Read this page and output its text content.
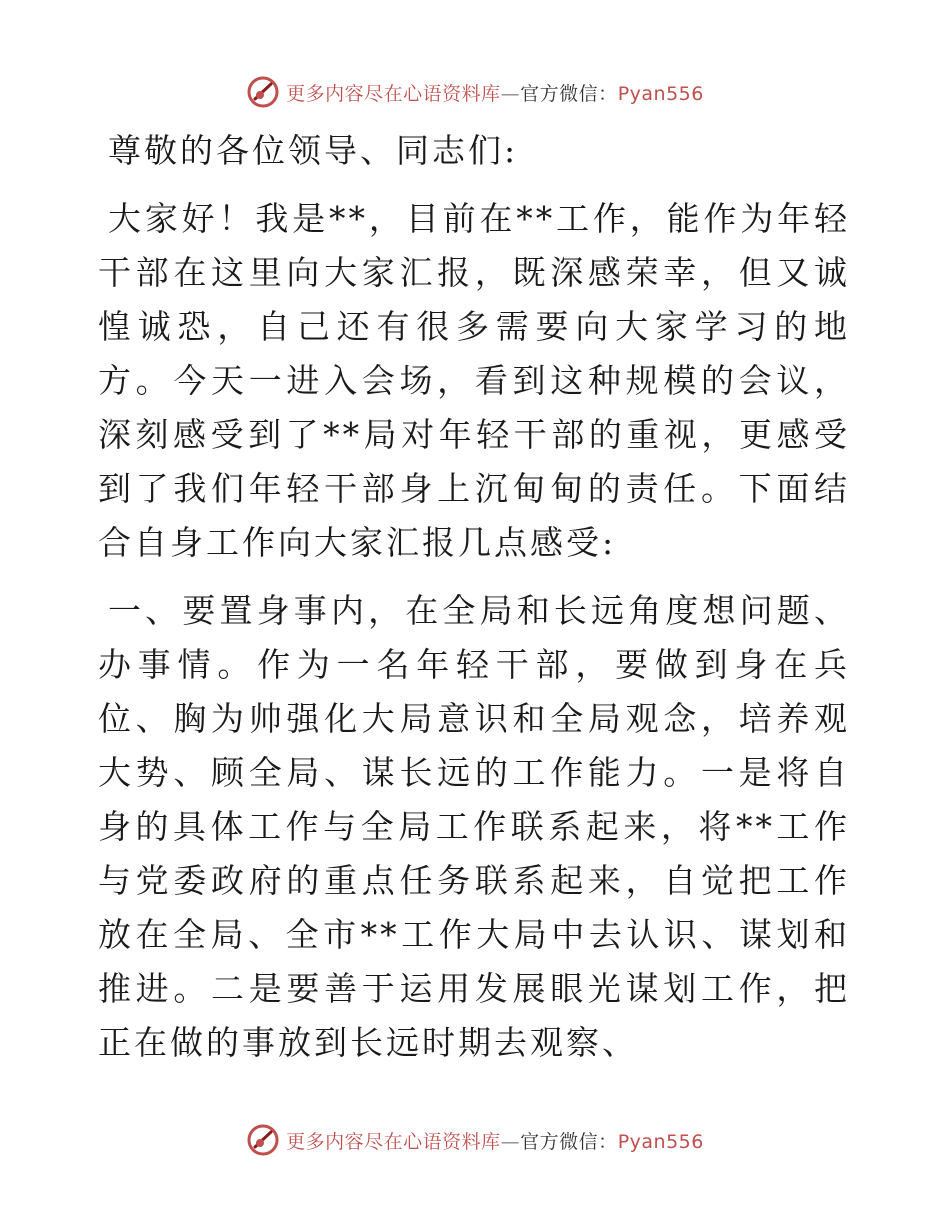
更多内容尽在心语资料库—官方微信：Pyan556

尊敬的各位领导、同志们:

大家好！我是**，目前在**工作，能作为年轻干部在这里向大家汇报，既深感荣幸，但又诚惶诚恐，自己还有很多需要向大家学习的地方。今天一进入会场，看到这种规模的会议，深刻感受到了**局对年轻干部的重视，更感受到了我们年轻干部身上沉甸甸的责任。下面结合自身工作向大家汇报几点感受:

一、要置身事内，在全局和长远角度想问题、办事情。作为一名年轻干部，要做到身在兵位、胸为帅强化大局意识和全局观念，培养观大势、顾全局、谋长远的工作能力。一是将自身的具体工作与全局工作联系起来，将**工作与党委政府的重点任务联系起来，自觉把工作放在全局、全市**工作大局中去认识、谋划和推进。二是要善于运用发展眼光谋划工作，把正在做的事放到长远时期去观察、

更多内容尽在心语资料库—官方微信：Pyan556
